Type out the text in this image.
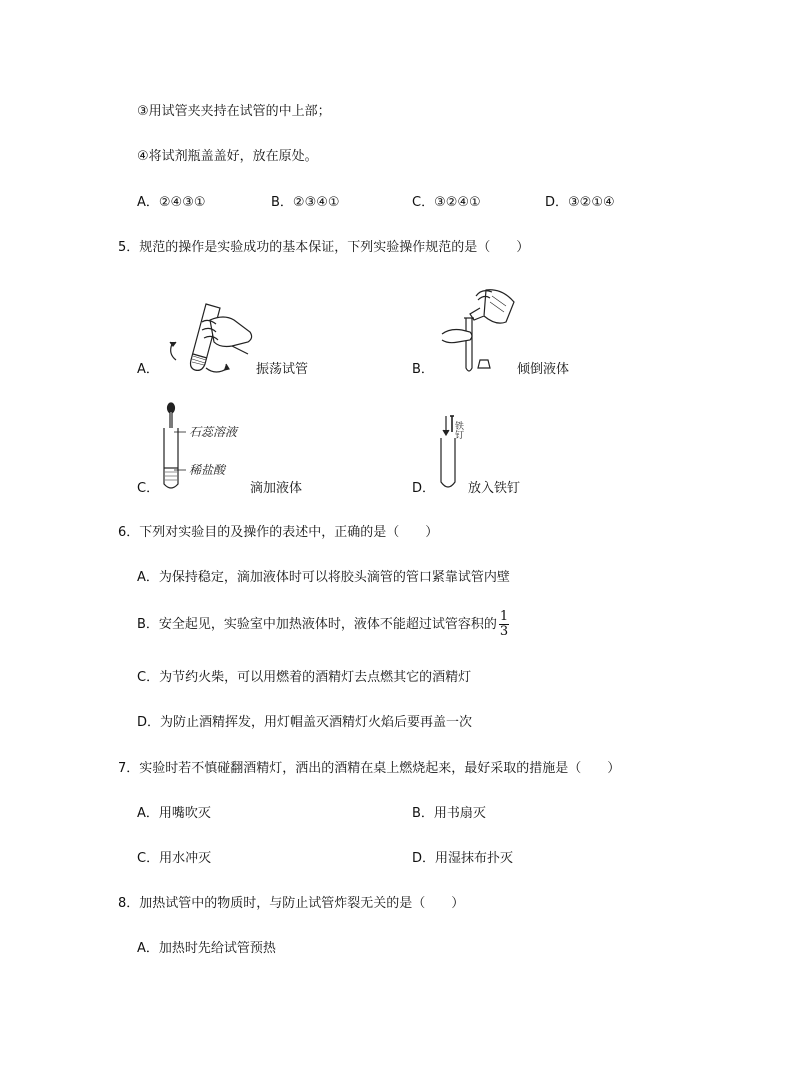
③用试管夹夹持在试管的中上部；
④将试剂瓶盖盖好，放在原处。
A．②④③①	B．②③④①	C．③②④①	D．③②①④
5．规范的操作是实验成功的基本保证，下列实验操作规范的是（　　）
A．	振荡试管	B．	倾倒液体
C．
石蕊溶液
稀盐酸
滴加液体	D．
铁钉
放入铁钉
6．下列对实验目的及操作的表述中，正确的是（　　）
A．为保持稳定，滴加液体时可以将胶头滴管的管口紧靠试管内壁
B．安全起见，实验室中加热液体时，液体不能超过试管容积的 $\frac{1}{3}$
C．为节约火柴，可以用燃着的酒精灯去点燃其它的酒精灯
D．为防止酒精挥发，用灯帽盖灭酒精灯火焰后要再盖一次
7．实验时若不慎碰翻酒精灯，洒出的酒精在桌上燃烧起来，最好采取的措施是（　　）
A．用嘴吹灭	B．用书扇灭
C．用水冲灭	D．用湿抹布扑灭
8．加热试管中的物质时，与防止试管炸裂无关的是（　　）
A．加热时先给试管预热
